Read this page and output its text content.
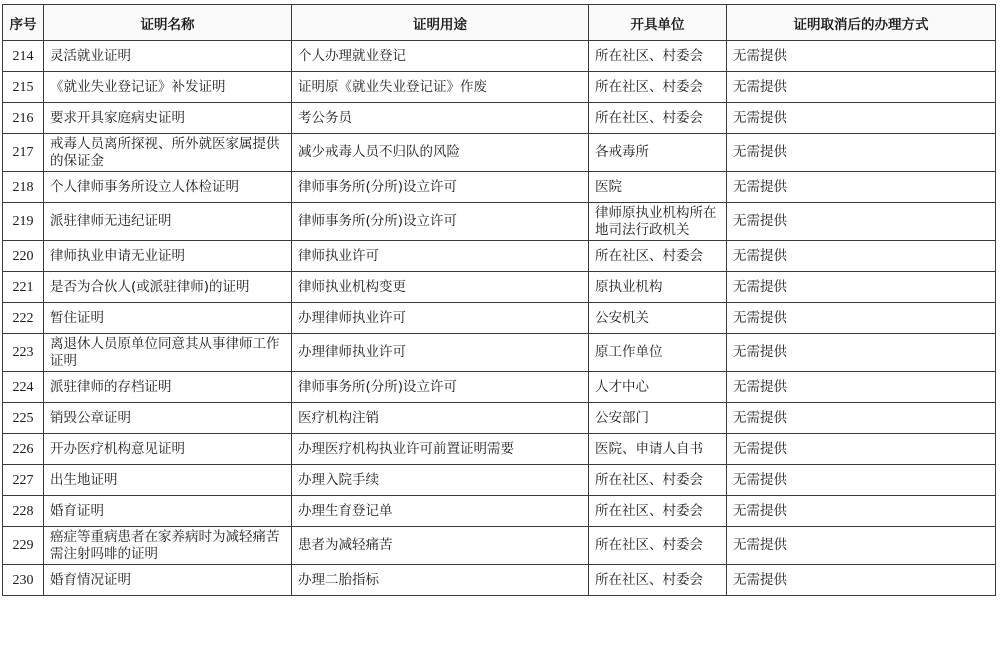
序号	证明名称	证明用途	开具单位	证明取消后的办理方式
214	灵活就业证明	个人办理就业登记	所在社区、村委会	无需提供
215	《就业失业登记证》补发证明	证明原《就业失业登记证》作废	所在社区、村委会	无需提供
216	要求开具家庭病史证明	考公务员	所在社区、村委会	无需提供
217	戒毒人员离所探视、所外就医家属提供的保证金	减少戒毒人员不归队的风险	各戒毒所	无需提供
218	个人律师事务所设立人体检证明	律师事务所(分所)设立许可	医院	无需提供
219	派驻律师无违纪证明	律师事务所(分所)设立许可	律师原执业机构所在地司法行政机关	无需提供
220	律师执业申请无业证明	律师执业许可	所在社区、村委会	无需提供
221	是否为合伙人(或派驻律师)的证明	律师执业机构变更	原执业机构	无需提供
222	暂住证明	办理律师执业许可	公安机关	无需提供
223	离退休人员原单位同意其从事律师工作证明	办理律师执业许可	原工作单位	无需提供
224	派驻律师的存档证明	律师事务所(分所)设立许可	人才中心	无需提供
225	销毁公章证明	医疗机构注销	公安部门	无需提供
226	开办医疗机构意见证明	办理医疗机构执业许可前置证明需要	医院、申请人自书	无需提供
227	出生地证明	办理入院手续	所在社区、村委会	无需提供
228	婚育证明	办理生育登记单	所在社区、村委会	无需提供
229	癌症等重病患者在家养病时为减轻痛苦需注射吗啡的证明	患者为减轻痛苦	所在社区、村委会	无需提供
230	婚育情况证明	办理二胎指标	所在社区、村委会	无需提供
